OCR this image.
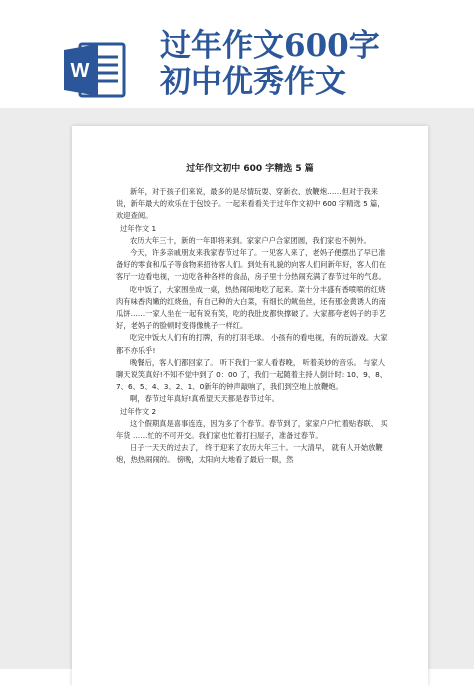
W
过年作文600字
初中优秀作文
过年作文初中 600 字精选 5 篇

新年，对于孩子们来说，最多的是尽情玩耍、穿新衣、放鞭炮……但对于我来说，新年最大的欢乐在于包饺子。一起来看看关于过年作文初中 600 字精选 5 篇，欢迎查阅。

过年作文 1

农历大年三十，新的一年即将来到。家家户户合家团圆，我们家也不例外。

今天，许多亲戚朋友来我家春节过年了。一见客人来了，老妈子便摆出了早已准备好的零食和瓜子等食物来招待客人们。到处有礼貌的向客人们问新年好，客人们在客厅一边看电视，一边吃各种各样的食品，房子里十分热闹充满了春节过年的气息。

吃中饭了，大家围坐成一桌，热热闹闹地吃了起来。菜十分丰盛有香喷喷的红烧肉有味香肉嫩的红烧鱼，有自己种的大白菜，有细长的鱿鱼丝，还有那金黄诱人的南瓜饼……一家人坐在一起有说有笑，吃的我肚皮都快撑破了。大家都夸老妈子的手艺好，老妈子的脸顿时变得像桃子一样红。

吃完中饭大人们有的打牌，有的打羽毛球。 小孩有的看电视，有的玩游戏。大家都不亦乐乎!

晚餐后，客人们都回家了。 听下我们一家人看春晚， 听着美妙的音乐。 与家人聊天说笑真好!不知不觉中到了 0：00 了，我们一起随着主持人倒计时: 10、9、8、7、6、5、4、3、2、1、0新年的钟声敲响了，我们到空地上放鞭炮。

啊，春节过年真好!真希望天天都是春节过年。

过年作文 2

这个假期真是喜事连连，因为多了个春节。春节到了，家家户户忙着贴春联、 买年货 ……忙的不可开交。我们家也忙着打扫屋子，准备过春节。

日子一天天的过去了， 终于迎来了农历大年三十。一大清早， 就有人开始放鞭炮，热热闹闹的。 傍晚，太阳向大地看了最后一眼，然
